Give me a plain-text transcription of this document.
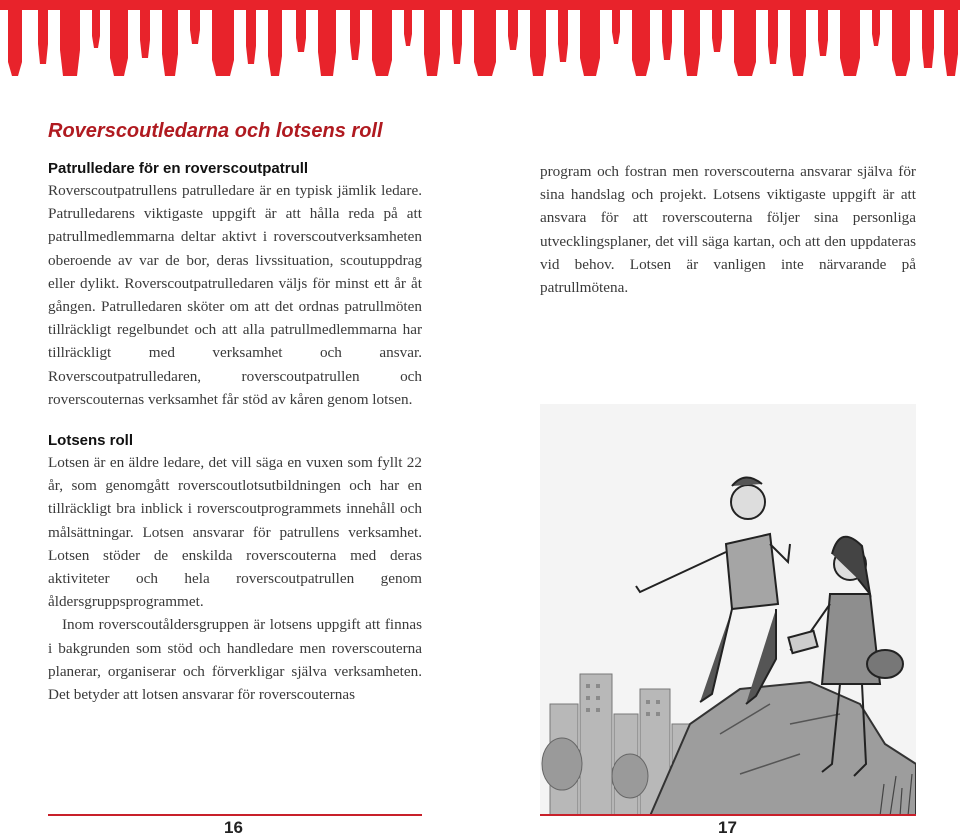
Roverscoutledarna och lotsens roll
Patrulledare för en roverscoutpatrull

Roverscoutpatrullens patrulledare är en typisk jämlik ledare. Patrulledarens viktigaste uppgift är att hålla reda på att patrullmedlemmarna deltar aktivt i roverscoutverksamheten oberoende av var de bor, deras livssituation, scoutuppdrag eller dylikt. Roverscoutpatrulledaren väljs för minst ett år åt gången. Patrulledaren sköter om att det ordnas patrullmöten tillräckligt regelbundet och att alla patrullmedlemmarna har tillräckligt med verksamhet och ansvar. Roverscoutpatrulledaren, roverscoutpatrullen och roverscouternas verksamhet får stöd av kåren genom lotsen.

Lotsens roll

Lotsen är en äldre ledare, det vill säga en vuxen som fyllt 22 år, som genomgått roverscoutlotsutbildningen och har en tillräckligt bra inblick i roverscoutprogrammets innehåll och målsättningar. Lotsen ansvarar för patrullens verksamhet. Lotsen stöder de enskilda roverscouterna med deras aktiviteter och hela roverscoutpatrullen genom åldersgruppsprogrammet.

Inom roverscoutåldersgruppen är lotsens uppgift att finnas i bakgrunden som stöd och handledare men roverscouterna planerar, organiserar och förverkligar själva verksamheten. Det betyder att lotsen ansvarar för roverscouternas

program och fostran men roverscouterna ansvarar själva för sina handslag och projekt. Lotsens viktigaste uppgift är att ansvara för att roverscouterna följer sina personliga utvecklingsplaner, det vill säga kartan, och att den uppdateras vid behov. Lotsen är vanligen inte närvarande på patrullmötena.

16	17
